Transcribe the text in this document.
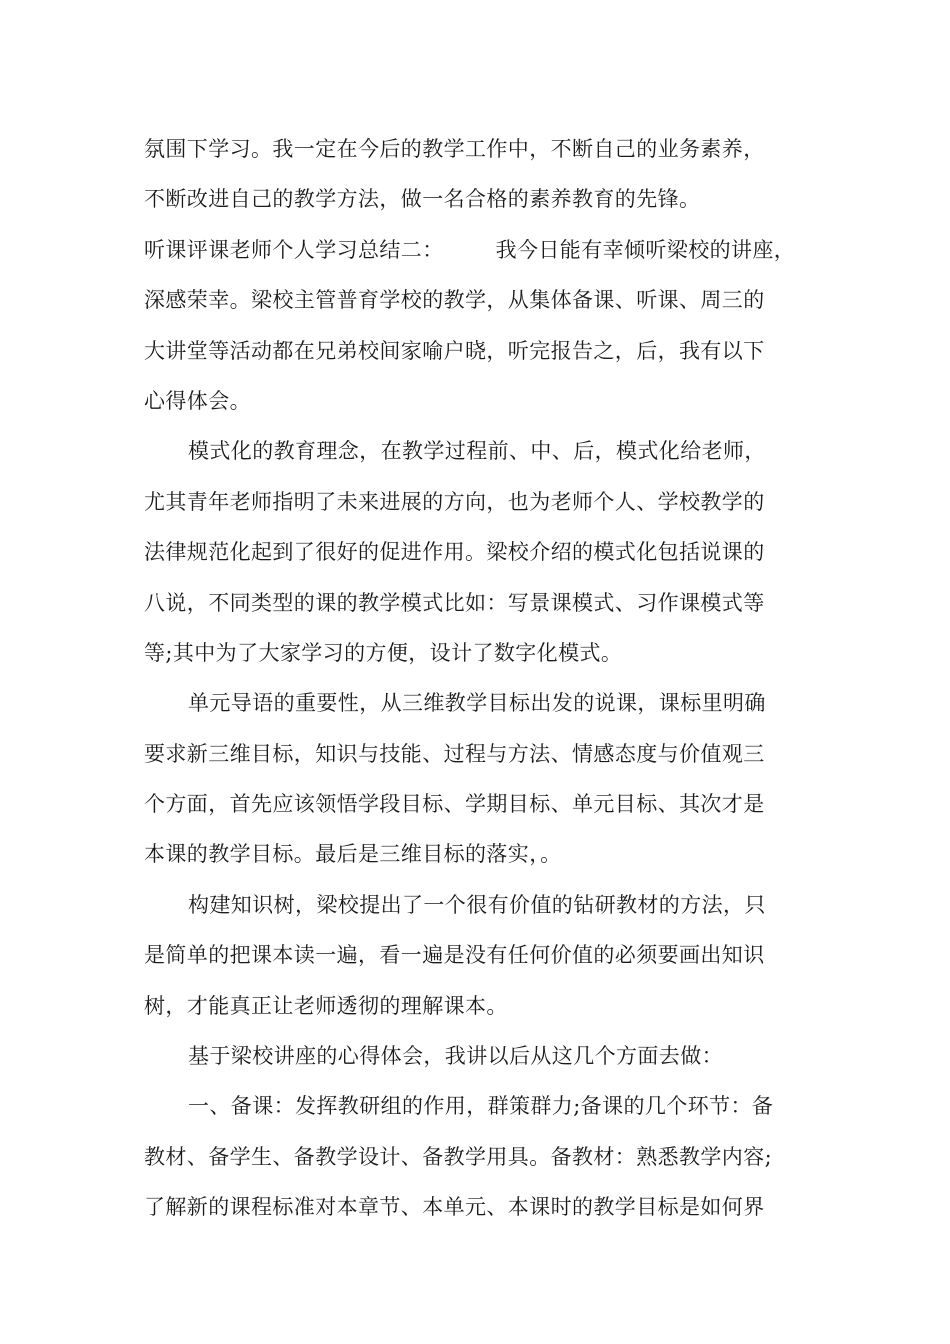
氛围下学习。我一定在今后的教学工作中，不断自己的业务素养，
不断改进自己的教学方法，做一名合格的素养教育的先锋。
听课评课老师个人学习总结二： 我今日能有幸倾听梁校的讲座，
深感荣幸。梁校主管普育学校的教学，从集体备课、听课、周三的
大讲堂等活动都在兄弟校间家喻户晓，听完报告之，后，我有以下
心得体会。
模式化的教育理念，在教学过程前、中、后，模式化给老师，
尤其青年老师指明了未来进展的方向，也为老师个人、学校教学的
法律规范化起到了很好的促进作用。梁校介绍的模式化包括说课的
八说，不同类型的课的教学模式比如：写景课模式、习作课模式等
等;其中为了大家学习的方便，设计了数字化模式。
单元导语的重要性，从三维教学目标出发的说课，课标里明确
要求新三维目标，知识与技能、过程与方法、情感态度与价值观三
个方面，首先应该领悟学段目标、学期目标、单元目标、其次才是
本课的教学目标。最后是三维目标的落实，。
构建知识树，梁校提出了一个很有价值的钻研教材的方法，只
是简单的把课本读一遍，看一遍是没有任何价值的必须要画出知识
树，才能真正让老师透彻的理解课本。
基于梁校讲座的心得体会，我讲以后从这几个方面去做：
一、备课：发挥教研组的作用，群策群力;备课的几个环节：备
教材、备学生、备教学设计、备教学用具。备教材：熟悉教学内容;
了解新的课程标准对本章节、本单元、本课时的教学目标是如何界
